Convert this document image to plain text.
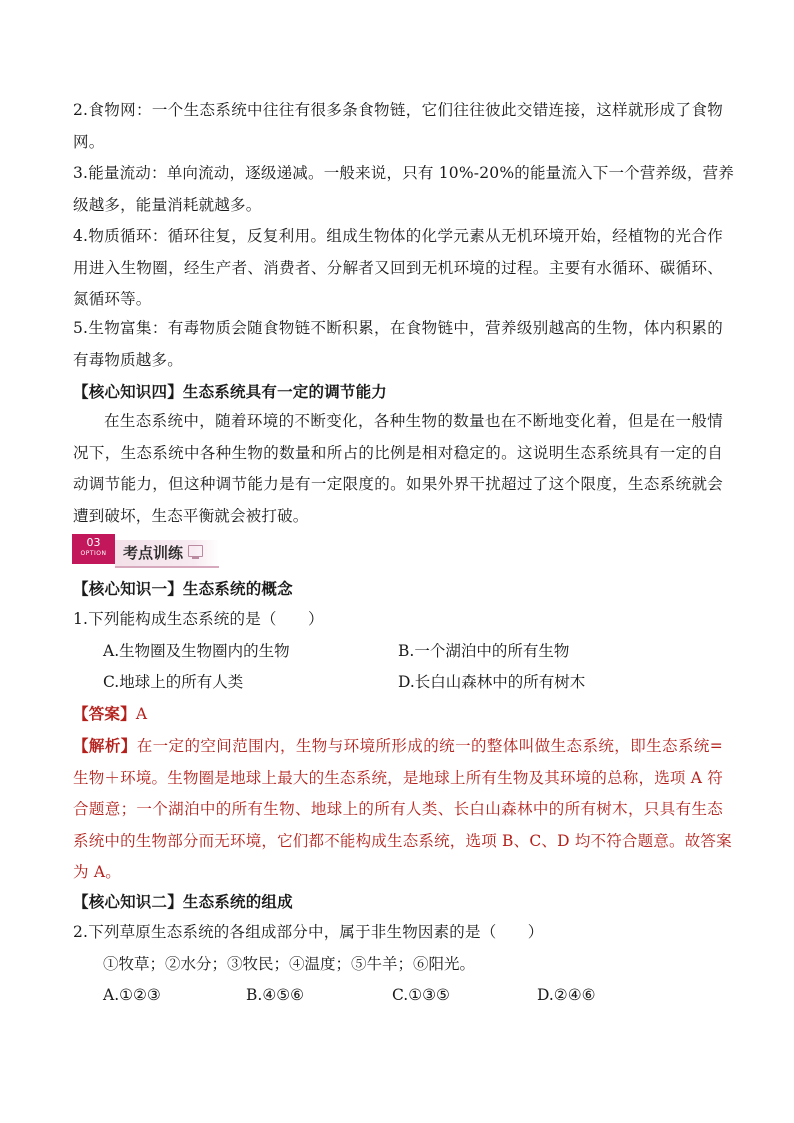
2.食物网：一个生态系统中往往有很多条食物链，它们往往彼此交错连接，这样就形成了食物
网。
3.能量流动：单向流动，逐级递减。一般来说，只有 10%-20%的能量流入下一个营养级，营养
级越多，能量消耗就越多。
4.物质循环：循环往复，反复利用。组成生物体的化学元素从无机环境开始，经植物的光合作
用进入生物圈，经生产者、消费者、分解者又回到无机环境的过程。主要有水循环、碳循环、
氮循环等。
5.生物富集：有毒物质会随食物链不断积累，在食物链中，营养级别越高的生物，体内积累的
有毒物质越多。
【核心知识四】生态系统具有一定的调节能力
在生态系统中，随着环境的不断变化，各种生物的数量也在不断地变化着，但是在一般情
况下，生态系统中各种生物的数量和所占的比例是相对稳定的。这说明生态系统具有一定的自
动调节能力，但这种调节能力是有一定限度的。如果外界干扰超过了这个限度，生态系统就会
遭到破坏，生态平衡就会被打破。
03
OPTION	考点训练
【核心知识一】生态系统的概念
1.下列能构成生态系统的是（　　）
A.生物圈及生物圈内的生物	B.一个湖泊中的所有生物
C.地球上的所有人类	D.长白山森林中的所有树木
【答案】A
【解析】在一定的空间范围内，生物与环境所形成的统一的整体叫做生态系统，即生态系统=
生物＋环境。生物圈是地球上最大的生态系统，是地球上所有生物及其环境的总称，选项 A 符
合题意；一个湖泊中的所有生物、地球上的所有人类、长白山森林中的所有树木，只具有生态
系统中的生物部分而无环境，它们都不能构成生态系统，选项 B、C、D 均不符合题意。故答案
为 A。
【核心知识二】生态系统的组成
2.下列草原生态系统的各组成部分中，属于非生物因素的是（　　）
①牧草；②水分；③牧民；④温度；⑤牛羊；⑥阳光。
A.①②③	B.④⑤⑥	C.①③⑤	D.②④⑥
